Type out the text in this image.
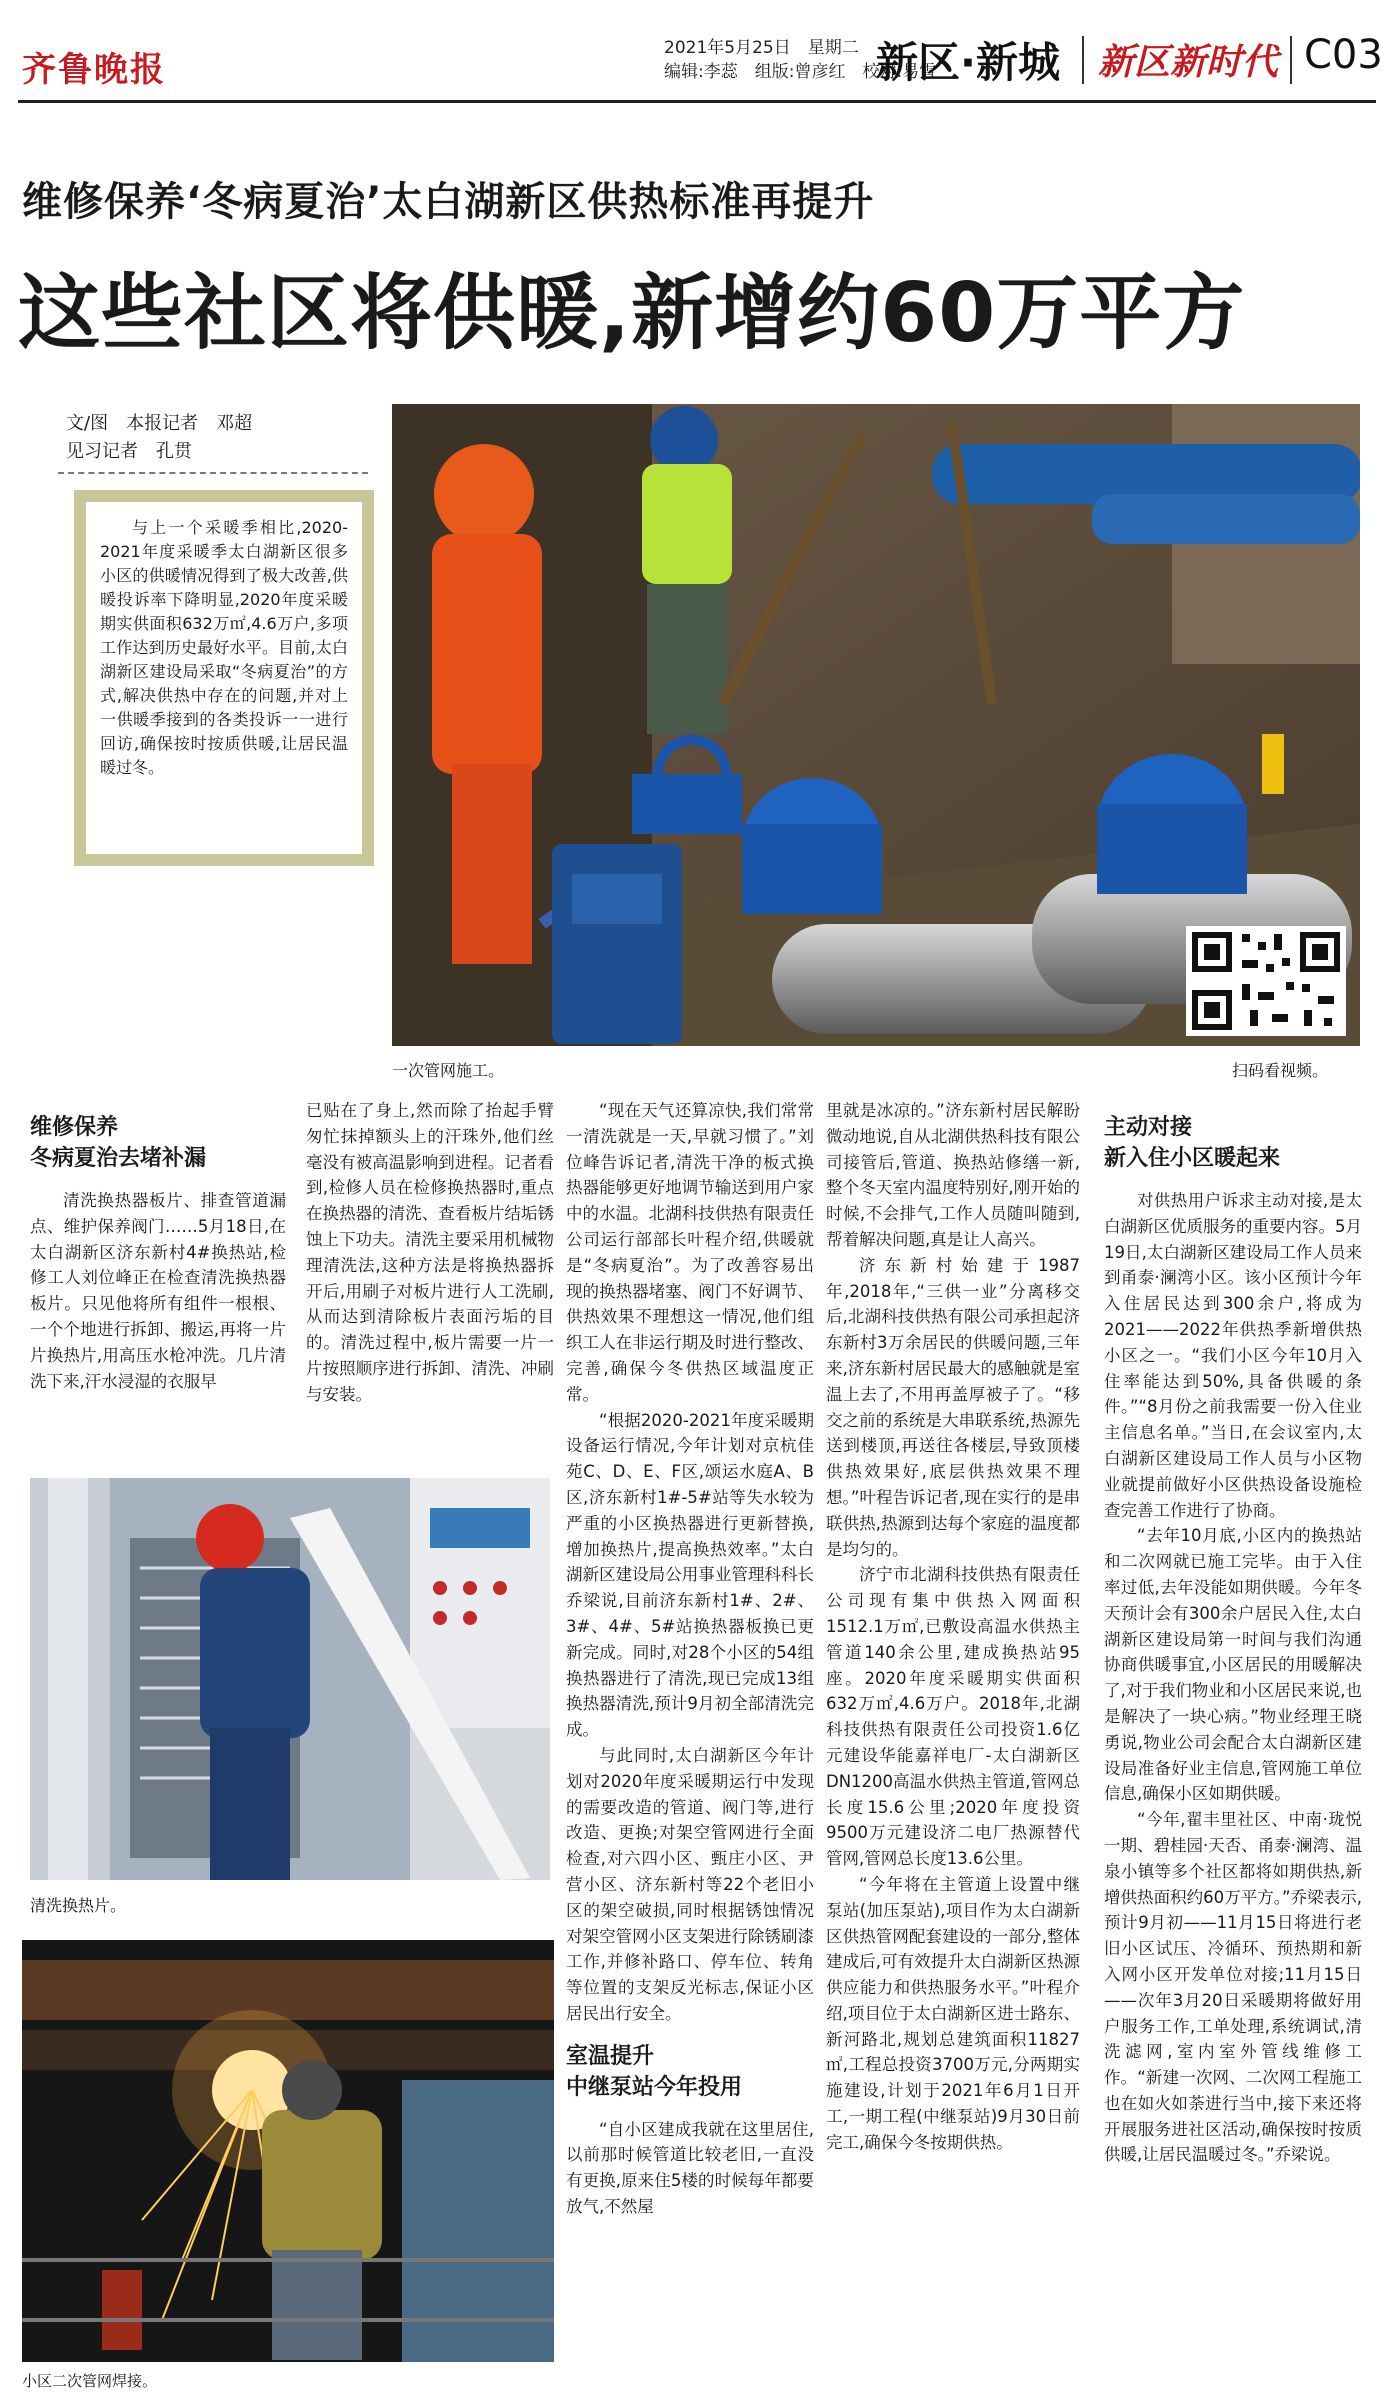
齐鲁晚报
2021年5月25日　星期二
编辑:李蕊　组版:曾彦红　校对:易雪
新区·新城 新区新时代 C03
维修保养‘冬病夏治’太白湖新区供热标准再提升
这些社区将供暖,新增约60万平方
文/图　本报记者　邓超
见习记者　孔贯
与上一个采暖季相比,2020-2021年度采暖季太白湖新区很多小区的供暖情况得到了极大改善,供暖投诉率下降明显,2020年度采暖期实供面积632万㎡,4.6万户,多项工作达到历史最好水平。目前,太白湖新区建设局采取“冬病夏治”的方式,解决供热中存在的问题,并对上一供暖季接到的各类投诉一一进行回访,确保按时按质供暖,让居民温暖过冬。
一次管网施工。	扫码看视频。
维修保养
冬病夏治去堵补漏

清洗换热器板片、排查管道漏点、维护保养阀门……5月18日,在太白湖新区济东新村4#换热站,检修工人刘位峰正在检查清洗换热器板片。只见他将所有组件一根根、一个个地进行拆卸、搬运,再将一片片换热片,用高压水枪冲洗。几片清洗下来,汗水浸湿的衣服早

已贴在了身上,然而除了抬起手臂匆忙抹掉额头上的汗珠外,他们丝毫没有被高温影响到进程。记者看到,检修人员在检修换热器时,重点在换热器的清洗、查看板片结垢锈蚀上下功夫。清洗主要采用机械物理清洗法,这种方法是将换热器拆开后,用刷子对板片进行人工洗刷,从而达到清除板片表面污垢的目的。清洗过程中,板片需要一片一片按照顺序进行拆卸、清洗、冲刷与安装。

清洗换热片。
小区二次管网焊接。

“现在天气还算凉快,我们常常一清洗就是一天,早就习惯了。”刘位峰告诉记者,清洗干净的板式换热器能够更好地调节输送到用户家中的水温。北湖科技供热有限责任公司运行部部长叶程介绍,供暖就是“冬病夏治”。为了改善容易出现的换热器堵塞、阀门不好调节、供热效果不理想这一情况,他们组织工人在非运行期及时进行整改、完善,确保今冬供热区域温度正常。

“根据2020-2021年度采暖期设备运行情况,今年计划对京杭佳苑C、D、E、F区,颂运水庭A、B区,济东新村1#-5#站等失水较为严重的小区换热器进行更新替换,增加换热片,提高换热效率。”太白湖新区建设局公用事业管理科科长乔梁说,目前济东新村1#、2#、3#、4#、5#站换热器板换已更新完成。同时,对28个小区的54组换热器进行了清洗,现已完成13组换热器清洗,预计9月初全部清洗完成。

与此同时,太白湖新区今年计划对2020年度采暖期运行中发现的需要改造的管道、阀门等,进行改造、更换;对架空管网进行全面检查,对六四小区、甄庄小区、尹营小区、济东新村等22个老旧小区的架空破损,同时根据锈蚀情况对架空管网小区支架进行除锈刷漆工作,并修补路口、停车位、转角等位置的支架反光标志,保证小区居民出行安全。

室温提升
中继泵站今年投用

“自小区建成我就在这里居住,以前那时候管道比较老旧,一直没有更换,原来住5楼的时候每年都要放气,不然屋

里就是冰凉的。”济东新村居民解盼微动地说,自从北湖供热科技有限公司接管后,管道、换热站修缮一新,整个冬天室内温度特别好,刚开始的时候,不会排气,工作人员随叫随到,帮着解决问题,真是让人高兴。

济东新村始建于1987年,2018年,“三供一业”分离移交后,北湖科技供热有限公司承担起济东新村3万余居民的供暖问题,三年来,济东新村居民最大的感触就是室温上去了,不用再盖厚被子了。“移交之前的系统是大串联系统,热源先送到楼顶,再送往各楼层,导致顶楼供热效果好,底层供热效果不理想。”叶程告诉记者,现在实行的是串联供热,热源到达每个家庭的温度都是均匀的。

济宁市北湖科技供热有限责任公司现有集中供热入网面积1512.1万㎡,已敷设高温水供热主管道140余公里,建成换热站95座。2020年度采暖期实供面积632万㎡,4.6万户。2018年,北湖科技供热有限责任公司投资1.6亿元建设华能嘉祥电厂-太白湖新区DN1200高温水供热主管道,管网总长度15.6公里;2020年度投资9500万元建设济二电厂热源替代管网,管网总长度13.6公里。

“今年将在主管道上设置中继泵站(加压泵站),项目作为太白湖新区供热管网配套建设的一部分,整体建成后,可有效提升太白湖新区热源供应能力和供热服务水平。”叶程介绍,项目位于太白湖新区进士路东、新河路北,规划总建筑面积11827㎡,工程总投资3700万元,分两期实施建设,计划于2021年6月1日开工,一期工程(中继泵站)9月30日前完工,确保今冬按期供热。

主动对接
新入住小区暖起来

对供热用户诉求主动对接,是太白湖新区优质服务的重要内容。5月19日,太白湖新区建设局工作人员来到甬泰·澜湾小区。该小区预计今年入住居民达到300余户,将成为2021——2022年供热季新增供热小区之一。“我们小区今年10月入住率能达到50%,具备供暖的条件。”“8月份之前我需要一份入住业主信息名单。”当日,在会议室内,太白湖新区建设局工作人员与小区物业就提前做好小区供热设备设施检查完善工作进行了协商。

“去年10月底,小区内的换热站和二次网就已施工完毕。由于入住率过低,去年没能如期供暖。今年冬天预计会有300余户居民入住,太白湖新区建设局第一时间与我们沟通协商供暖事宜,小区居民的用暖解决了,对于我们物业和小区居民来说,也是解决了一块心病。”物业经理王晓勇说,物业公司会配合太白湖新区建设局准备好业主信息,管网施工单位信息,确保小区如期供暖。

“今年,翟丰里社区、中南·珑悦一期、碧桂园·天否、甬泰·澜湾、温泉小镇等多个社区都将如期供热,新增供热面积约60万平方。”乔梁表示,预计9月初——11月15日将进行老旧小区试压、冷循环、预热期和新入网小区开发单位对接;11月15日——次年3月20日采暖期将做好用户服务工作,工单处理,系统调试,清洗滤网,室内室外管线维修工作。“新建一次网、二次网工程施工也在如火如荼进行当中,接下来还将开展服务进社区活动,确保按时按质供暖,让居民温暖过冬。”乔梁说。
